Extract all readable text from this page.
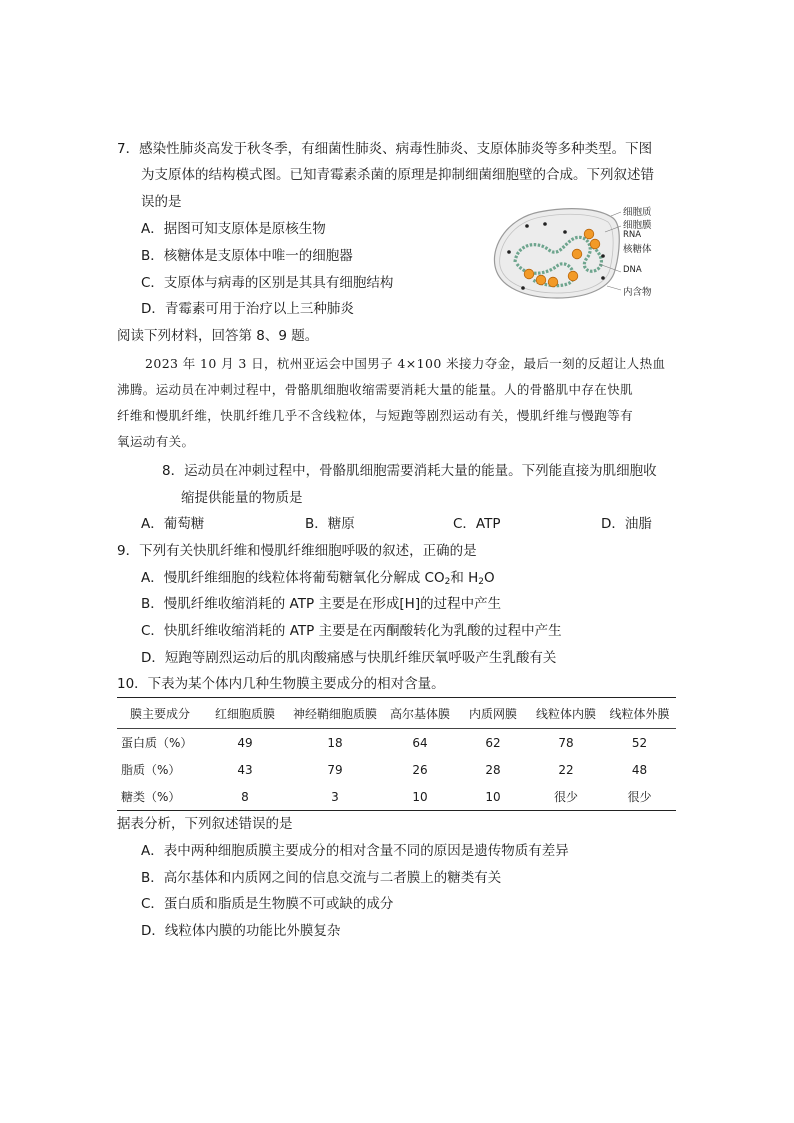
7．感染性肺炎高发于秋冬季，有细菌性肺炎、病毒性肺炎、支原体肺炎等多种类型。下图
为支原体的结构模式图。已知青霉素杀菌的原理是抑制细菌细胞壁的合成。下列叙述错
误的是
A．据图可知支原体是原核生物
B．核糖体是支原体中唯一的细胞器
C．支原体与病毒的区别是其具有细胞结构
D．青霉素可用于治疗以上三种肺炎
细胞质
细胞膜
RNA
核糖体
DNA
内含物
阅读下列材料，回答第 8、9 题。
2023 年 10 月 3 日，杭州亚运会中国男子 4×100 米接力夺金，最后一刻的反超让人热血
沸腾。运动员在冲刺过程中，骨骼肌细胞收缩需要消耗大量的能量。人的骨骼肌中存在快肌
纤维和慢肌纤维，快肌纤维几乎不含线粒体，与短跑等剧烈运动有关，慢肌纤维与慢跑等有
氧运动有关。
8．运动员在冲刺过程中，骨骼肌细胞需要消耗大量的能量。下列能直接为肌细胞收
缩提供能量的物质是
A．葡萄糖	B．糖原	C．ATP	D．油脂
9．下列有关快肌纤维和慢肌纤维细胞呼吸的叙述，正确的是
A．慢肌纤维细胞的线粒体将葡萄糖氧化分解成 $CO_2$和 $H_2O$
B．慢肌纤维收缩消耗的 ATP 主要是在形成[H]的过程中产生
C．快肌纤维收缩消耗的 ATP 主要是在丙酮酸转化为乳酸的过程中产生
D．短跑等剧烈运动后的肌肉酸痛感与快肌纤维厌氧呼吸产生乳酸有关
10．下表为某个体内几种生物膜主要成分的相对含量。
膜主要成分	红细胞质膜	神经鞘细胞质膜	高尔基体膜	内质网膜	线粒体内膜	线粒体外膜
蛋白质（%）	49	18	64	62	78	52
脂质（%）	43	79	26	28	22	48
糖类（%）	8	3	10	10	很少	很少
据表分析，下列叙述错误的是
A．表中两种细胞质膜主要成分的相对含量不同的原因是遗传物质有差异
B．高尔基体和内质网之间的信息交流与二者膜上的糖类有关
C．蛋白质和脂质是生物膜不可或缺的成分
D．线粒体内膜的功能比外膜复杂
